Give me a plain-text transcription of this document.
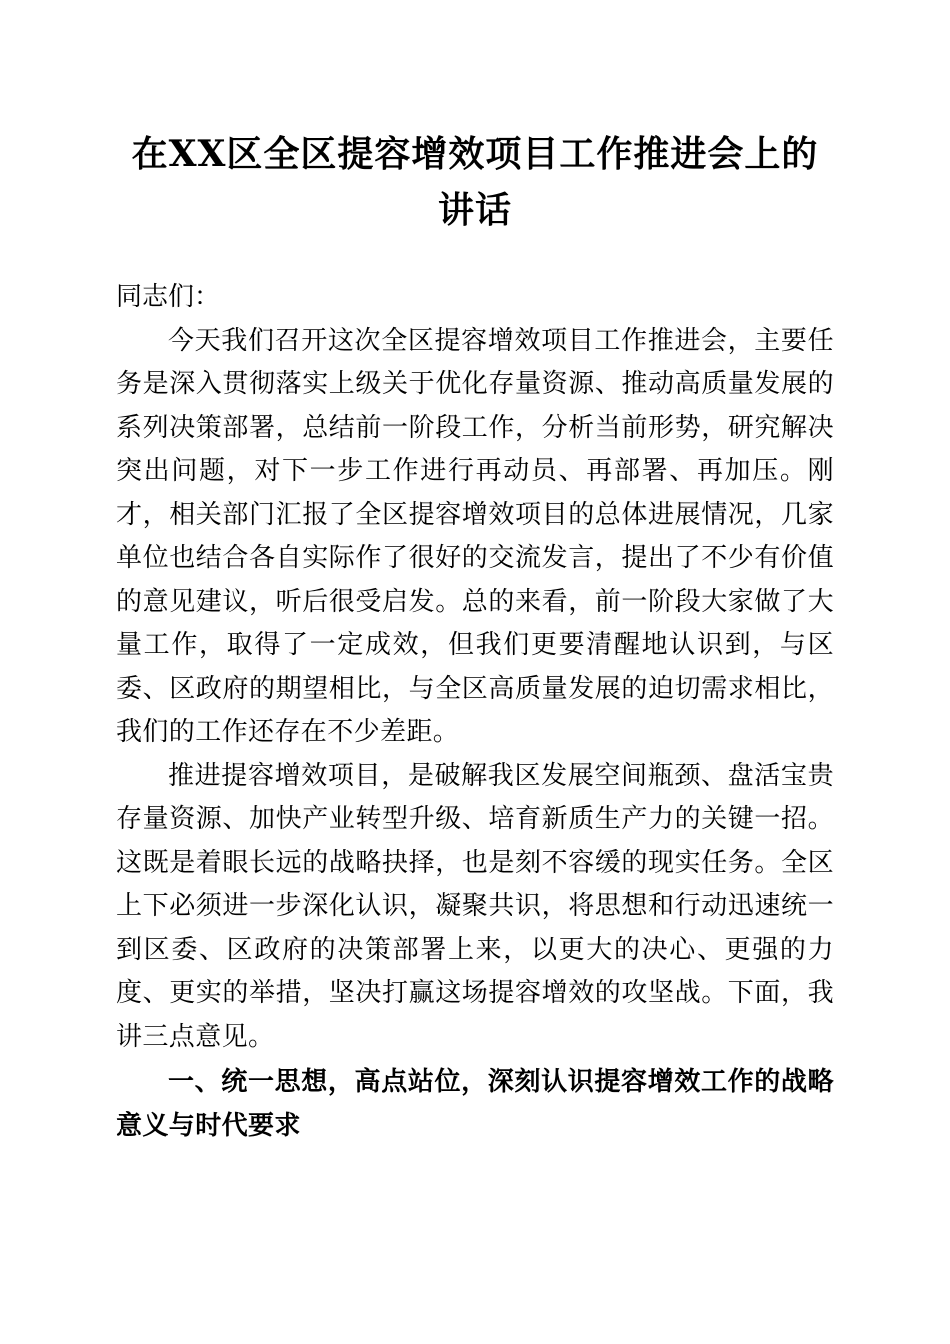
在XX区全区提容增效项目工作推进会上的讲话

同志们：

今天我们召开这次全区提容增效项目工作推进会，主要任务是深入贯彻落实上级关于优化存量资源、推动高质量发展的系列决策部署，总结前一阶段工作，分析当前形势，研究解决突出问题，对下一步工作进行再动员、再部署、再加压。刚才，相关部门汇报了全区提容增效项目的总体进展情况，几家单位也结合各自实际作了很好的交流发言，提出了不少有价值的意见建议，听后很受启发。总的来看，前一阶段大家做了大量工作，取得了一定成效，但我们更要清醒地认识到，与区委、区政府的期望相比，与全区高质量发展的迫切需求相比，我们的工作还存在不少差距。

推进提容增效项目，是破解我区发展空间瓶颈、盘活宝贵存量资源、加快产业转型升级、培育新质生产力的关键一招。这既是着眼长远的战略抉择，也是刻不容缓的现实任务。全区上下必须进一步深化认识，凝聚共识，将思想和行动迅速统一到区委、区政府的决策部署上来，以更大的决心、更强的力度、更实的举措，坚决打赢这场提容增效的攻坚战。下面，我讲三点意见。

一、统一思想，高点站位，深刻认识提容增效工作的战略意义与时代要求
